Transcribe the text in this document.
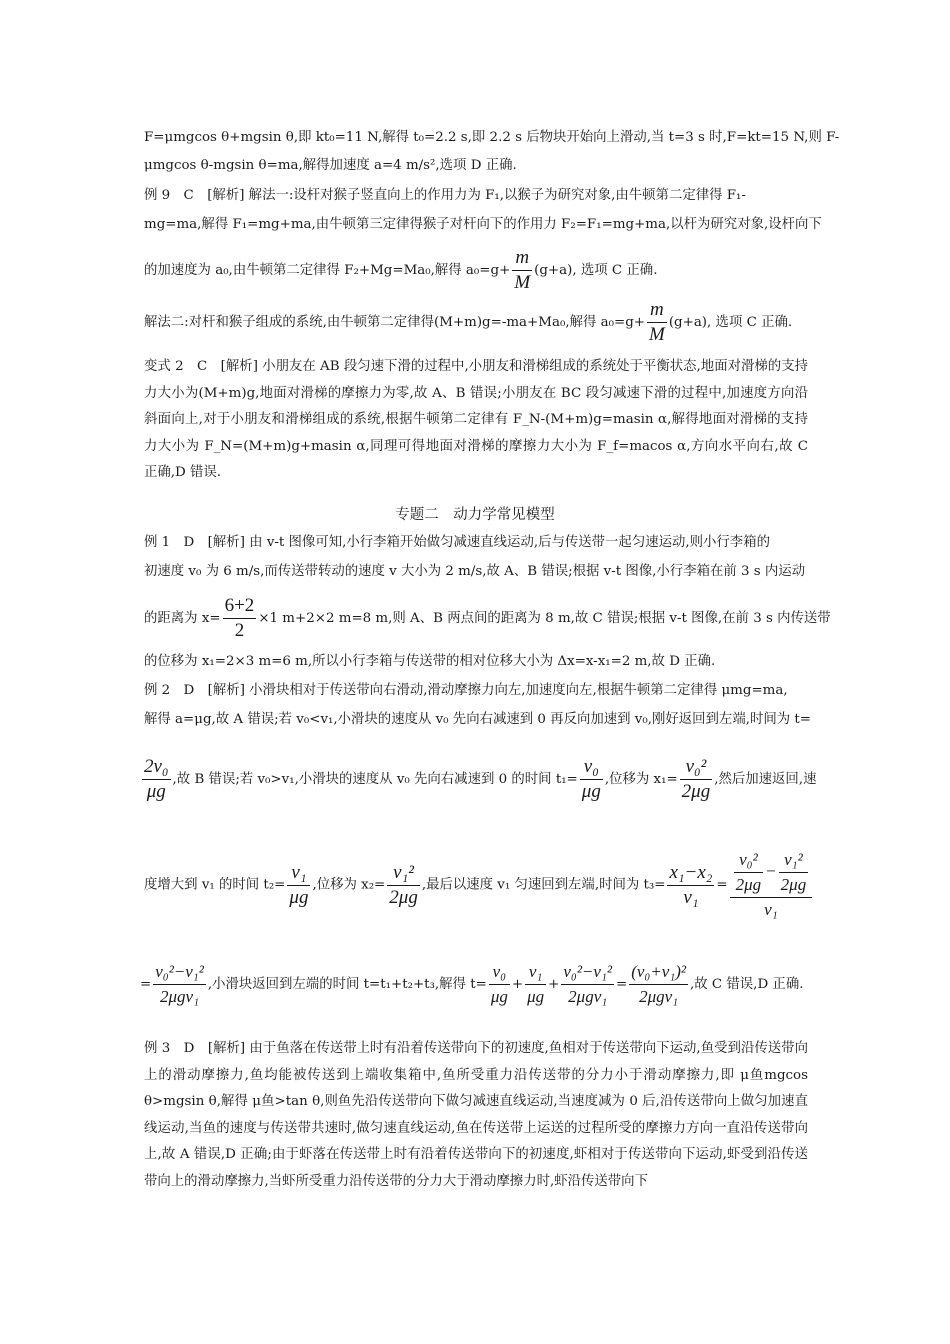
F=μmgcos θ+mgsin θ,即 kt₀=11 N,解得 t₀=2.2 s,即 2.2 s 后物块开始向上滑动,当 t=3 s 时,F=kt=15 N,则 F-
μmgcos θ-mgsin θ=ma,解得加速度 a=4 m/s²,选项 D 正确.
例 9　C　[解析] 解法一:设杆对猴子竖直向上的作用力为 F₁,以猴子为研究对象,由牛顿第二定律得 F₁-
mg=ma,解得 F₁=mg+ma,由牛顿第三定律得猴子对杆向下的作用力 F₂=F₁=mg+ma,以杆为研究对象,设杆向下
的加速度为 a₀,由牛顿第二定律得 F₂+Mg=Ma₀,解得 $a_0=g+ \frac{m}{M} (g+a)$, 选项 C 正确.
解法二:对杆和猴子组成的系统,由牛顿第二定律得(M+m)g=-ma+Ma₀,解得 $a_0=g+ \frac{m}{M} (g+a)$, 选项 C 正确.
变式 2　C　[解析] 小朋友在 AB 段匀速下滑的过程中,小朋友和滑梯组成的系统处于平衡状态,地面对滑梯的支持力大小为(M+m)g,地面对滑梯的摩擦力为零,故 A、B 错误;小朋友在 BC 段匀减速下滑的过程中,加速度方向沿斜面向上,对于小朋友和滑梯组成的系统,根据牛顿第二定律有 F_N-(M+m)g=masin α,解得地面对滑梯的支持力大小为 F_N=(M+m)g+masin α,同理可得地面对滑梯的摩擦力大小为 F_f=macos α,方向水平向右,故 C 正确,D 错误.
专题二　动力学常见模型
例 1　D　[解析] 由 v-t 图像可知,小行李箱开始做匀减速直线运动,后与传送带一起匀速运动,则小行李箱的
初速度 v₀ 为 6 m/s,而传送带转动的速度 v 大小为 2 m/s,故 A、B 错误;根据 v-t 图像,小行李箱在前 3 s 内运动
的距离为 $x= \frac{6+2}{2} \times 1$ m+2×2 m=8 m,则 A、B 两点间的距离为 8 m,故 C 错误;根据 v-t 图像,在前 3 s 内传送带
的位移为 x₁=2×3 m=6 m,所以小行李箱与传送带的相对位移大小为 Δx=x-x₁=2 m,故 D 正确.
例 2　D　[解析] 小滑块相对于传送带向右滑动,滑动摩擦力向左,加速度向左,根据牛顿第二定律得 μmg=ma,
解得 a=μg,故 A 错误;若 v₀<v₁,小滑块的速度从 v₀ 先向右减速到 0 再反向加速到 v₀,刚好返回到左端,时间为 t=
$\frac{\text{2v₀}}{\mu g}$ ,故 B 错误;若 v₀>v₁,小滑块的速度从 v₀ 先向右减速到 0 的时间 $t_1= \frac{\text{v₀}}{\mu g}$ ,位移为 $x_1= \frac{\text{v₀²}}{2\mu g}$ ,然后加速返回,速
度增大到 v₁ 的时间 $t_2= \frac{\text{v₁}}{\mu g}$ ,位移为 $x_2= \frac{\text{v₁²}}{2\mu g}$ ,最后以速度 v₁ 匀速回到左端,时间为 $t_3= \frac{\text{x₁−x₂}}{\text{v₁}} = \frac{\frac{\text{v₀²}}{2\mu g} - \frac{\text{v₁²}}{2\mu g}}{\text{v₁}}$
=
v₀²−v₁²
2μgv₁
,小滑块返回到左端的时间 t=t₁+t₂+t₃,解得 $t= \frac{\text{v₀}}{\mu g} + \frac{\text{v₁}}{\mu g}$ +
v₀²−v₁²
2μgv₁
=
(v₀+v₁)²
2μgv₁
,故 C 错误,D 正确.
例 3　D　[解析] 由于鱼落在传送带上时有沿着传送带向下的初速度,鱼相对于传送带向下运动,鱼受到沿传送带向上的滑动摩擦力,鱼均能被传送到上端收集箱中,鱼所受重力沿传送带的分力小于滑动摩擦力,即 μ鱼mgcos θ>mgsin θ,解得 μ鱼>tan θ,则鱼先沿传送带向下做匀减速直线运动,当速度减为 0 后,沿传送带向上做匀加速直线运动,当鱼的速度与传送带共速时,做匀速直线运动,鱼在传送带上运送的过程所受的摩擦力方向一直沿传送带向上,故 A 错误,D 正确;由于虾落在传送带上时有沿着传送带向下的初速度,虾相对于传送带向下运动,虾受到沿传送带向上的滑动摩擦力,当虾所受重力沿传送带的分力大于滑动摩擦力时,虾沿传送带向下
